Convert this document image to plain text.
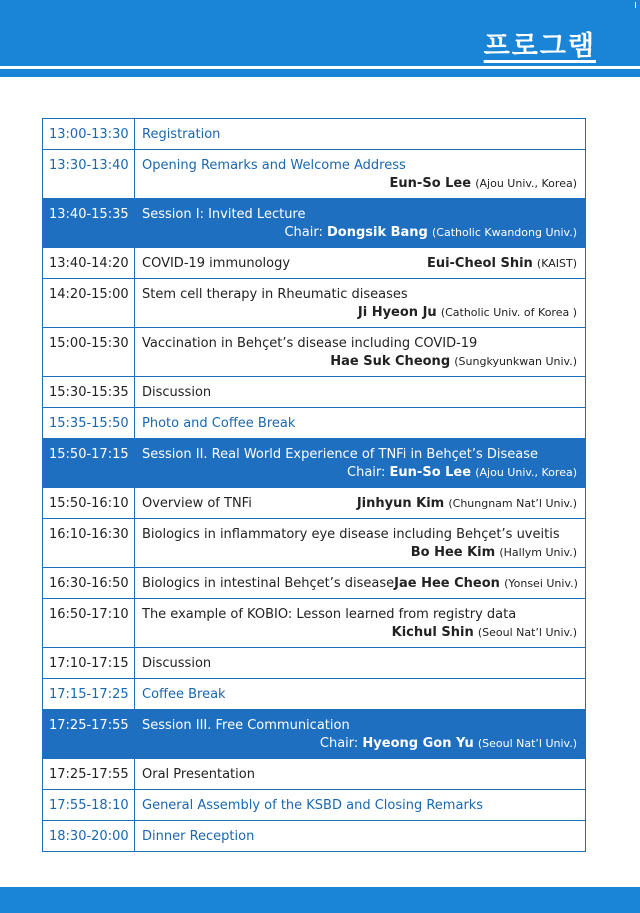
프로그램
13:00-13:30	Registration
13:30-13:40	Opening Remarks and Welcome Address
Eun-So Lee (Ajou Univ., Korea)

13:40-15:35	Session I: Invited Lecture
Chair: Dongsik Bang (Catholic Kwandong Univ.)

13:40-14:20	COVID-19 immunology Eui-Cheol Shin (KAIST)

14:20-15:00	Stem cell therapy in Rheumatic diseases
Ji Hyeon Ju (Catholic Univ. of Korea )

15:00-15:30	Vaccination in Behçet’s disease including COVID-19
Hae Suk Cheong (Sungkyunkwan Univ.)

15:30-15:35	Discussion
15:35-15:50	Photo and Coffee Break
15:50-17:15	Session II. Real World Experience of TNFi in Behçet’s Disease
Chair: Eun-So Lee (Ajou Univ., Korea)

15:50-16:10	Overview of TNFi Jinhyun Kim (Chungnam Nat’l Univ.)

16:10-16:30	Biologics in inflammatory eye disease including Behçet’s uveitis
Bo Hee Kim (Hallym Univ.)

16:30-16:50	Biologics in intestinal Behçet’s disease Jae Hee Cheon (Yonsei Univ.)

16:50-17:10	The example of KOBIO: Lesson learned from registry data
Kichul Shin (Seoul Nat’l Univ.)

17:10-17:15	Discussion
17:15-17:25	Coffee Break
17:25-17:55	Session III. Free Communication
Chair: Hyeong Gon Yu (Seoul Nat’l Univ.)

17:25-17:55	Oral Presentation
17:55-18:10	General Assembly of the KSBD and Closing Remarks
18:30-20:00	Dinner Reception
